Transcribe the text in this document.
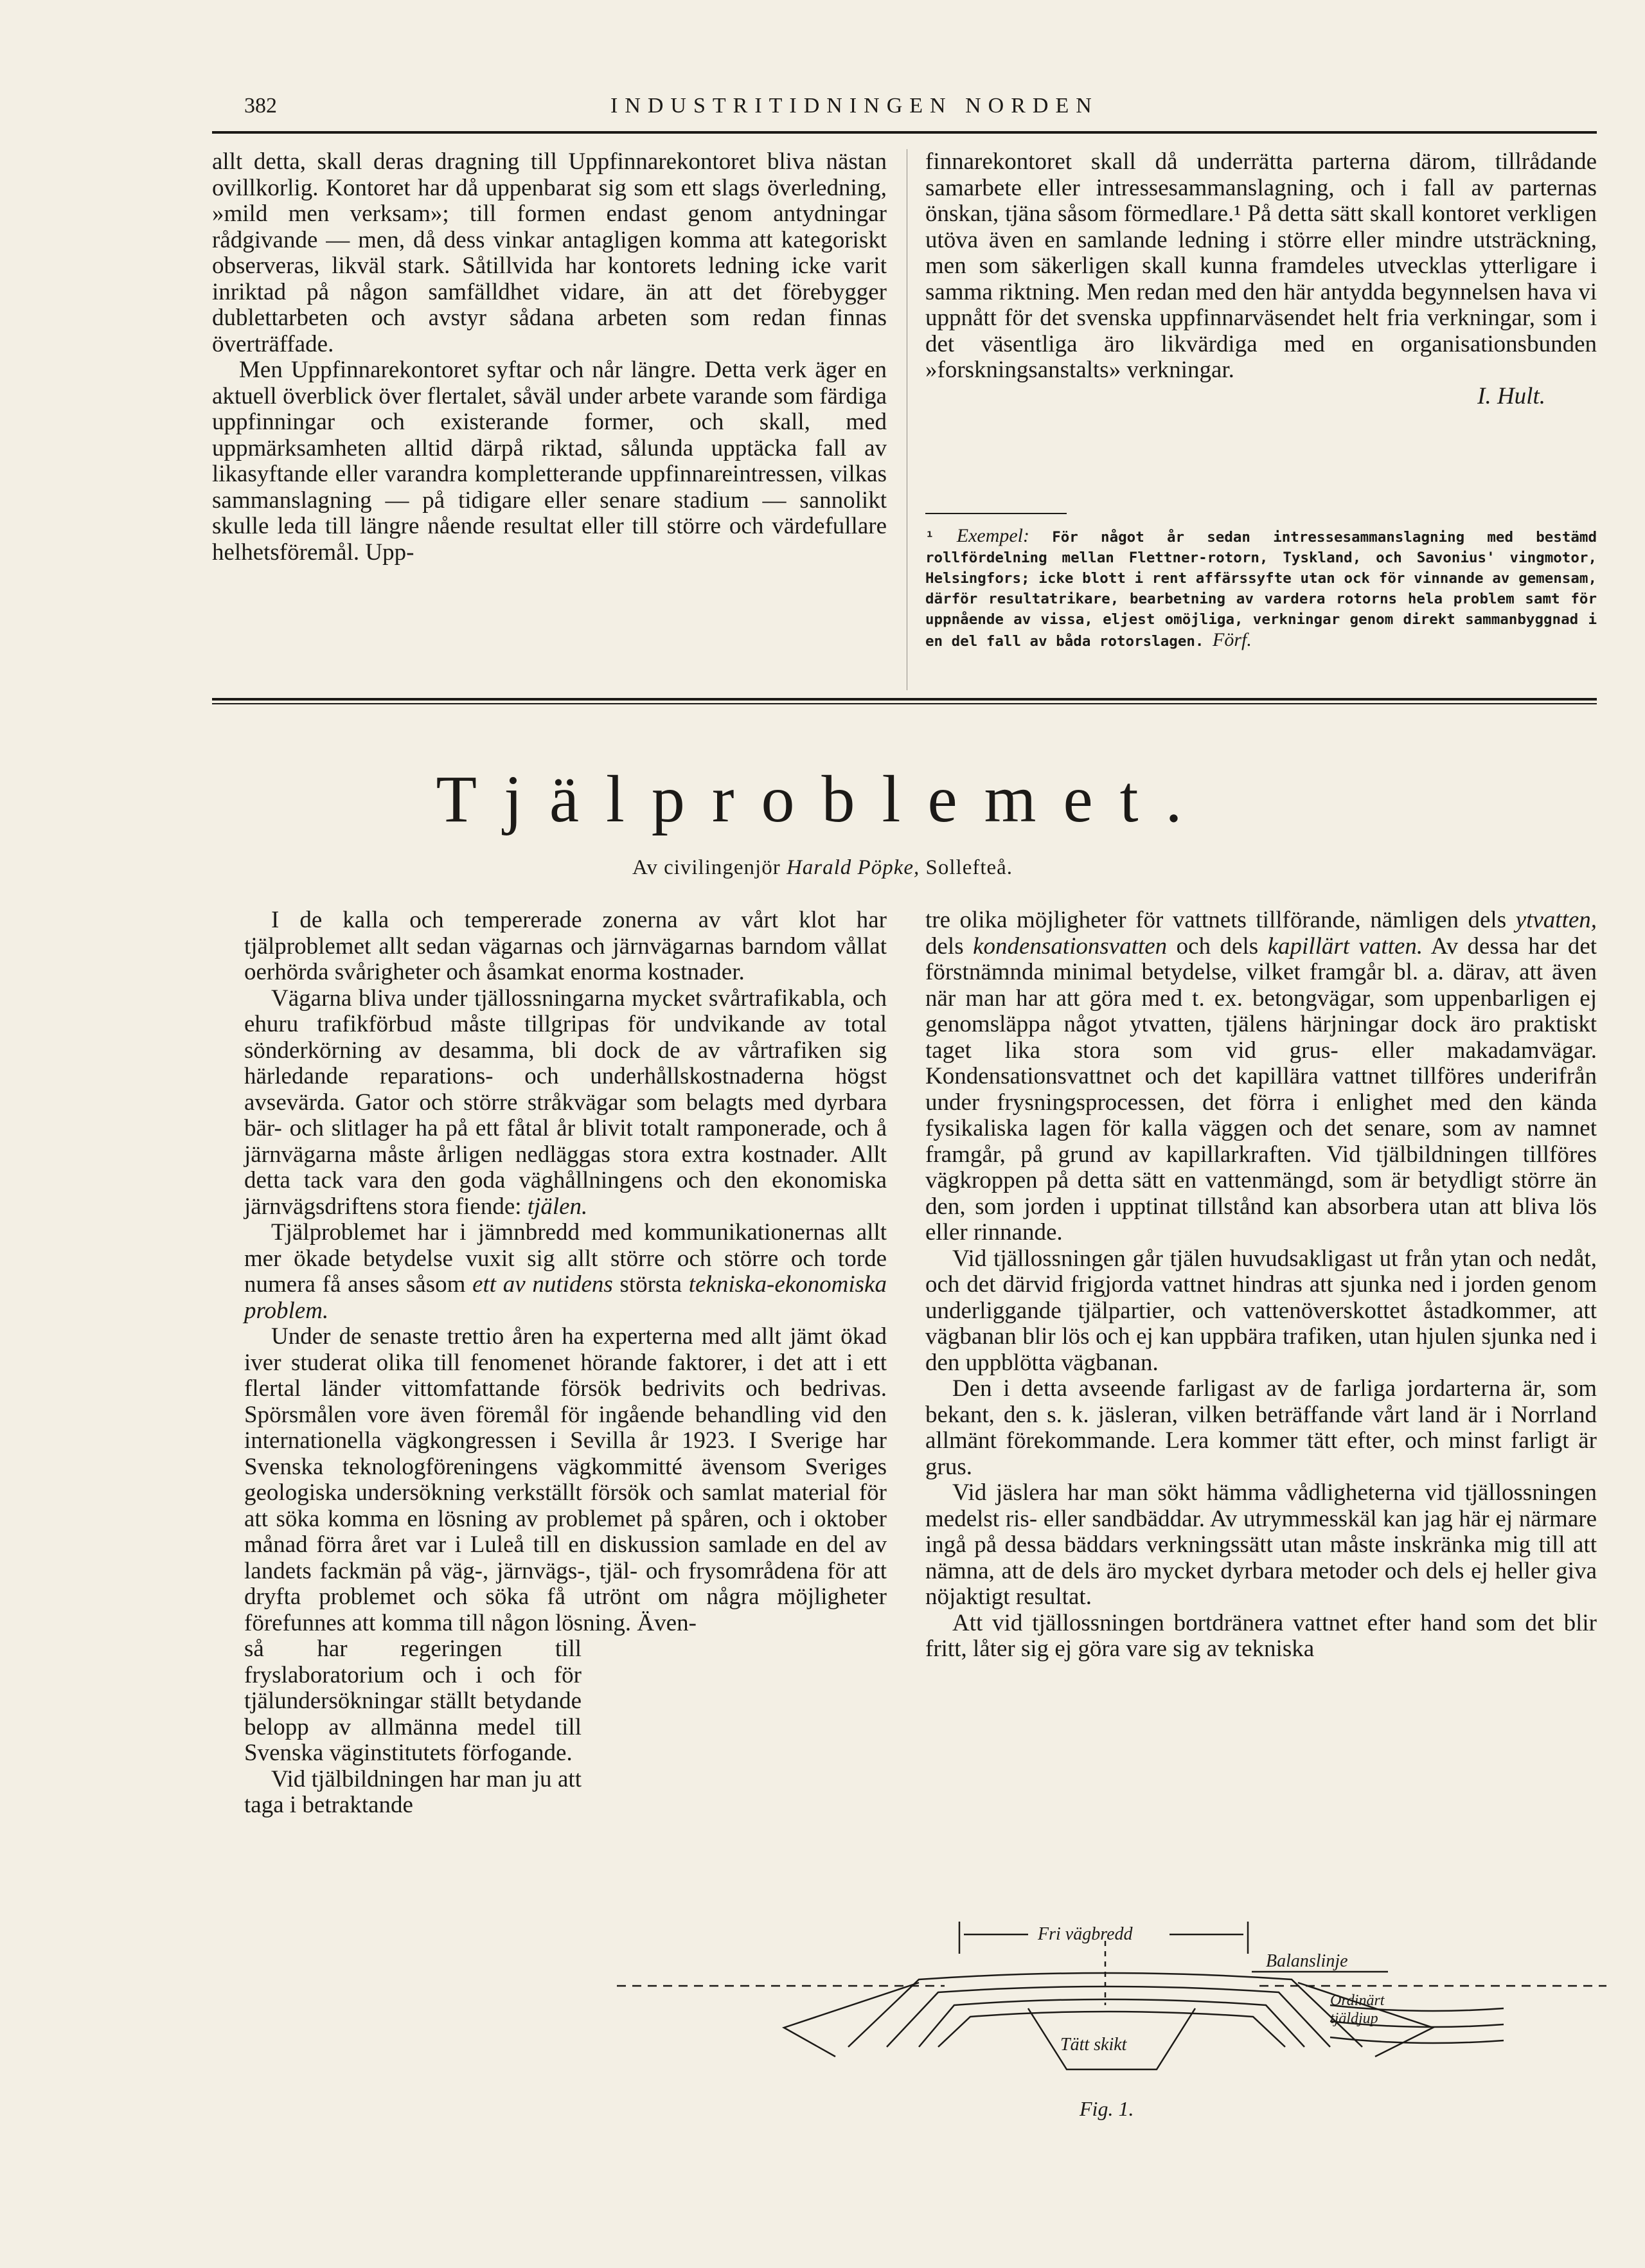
382	INDUSTRITIDNINGEN NORDEN

allt detta, skall deras dragning till Uppfinnarekontoret bliva nästan ovillkorlig. Kontoret har då uppenbarat sig som ett slags överledning, »mild men verksam»; till formen endast genom antydningar rådgivande — men, då dess vinkar antagligen komma att kategoriskt observeras, likväl stark. Såtillvida har kontorets ledning icke varit inriktad på någon samfälldhet vidare, än att det förebygger dublettarbeten och avstyr sådana arbeten som redan finnas överträffade.

Men Uppfinnarekontoret syftar och når längre. Detta verk äger en aktuell överblick över flertalet, såväl under arbete varande som färdiga uppfinningar och existerande former, och skall, med uppmärksamheten alltid därpå riktad, sålunda upptäcka fall av likasyftande eller varandra kompletterande uppfinnareintressen, vilkas sammanslagning — på tidigare eller senare stadium — sannolikt skulle leda till längre nående resultat eller till större och värdefullare helhetsföremål. Upp-

finnarekontoret skall då underrätta parterna därom, tillrådande samarbete eller intressesammanslagning, och i fall av parternas önskan, tjäna såsom förmedlare.¹ På detta sätt skall kontoret verkligen utöva även en samlande ledning i större eller mindre utsträckning, men som säkerligen skall kunna framdeles utvecklas ytterligare i samma riktning. Men redan med den här antydda begynnelsen hava vi uppnått för det svenska uppfinnarväsendet helt fria verkningar, som i det väsentliga äro likvärdiga med en organisationsbunden »forskningsanstalts» verkningar.

I. Hult.

¹ Exempel: För något år sedan intressesammanslagning med bestämd rollfördelning mellan Flettner-rotorn, Tyskland, och Savonius' vingmotor, Helsingfors; icke blott i rent affärssyfte utan ock för vinnande av gemensam, därför resultatrikare, bearbetning av vardera rotorns hela problem samt för uppnående av vissa, eljest omöjliga, verkningar genom direkt sammanbyggnad i en del fall av båda rotorslagen. Förf.
Tjälproblemet.
Av civilingenjör Harald Pöpke, Sollefteå.

I de kalla och tempererade zonerna av vårt klot har tjälproblemet allt sedan vägarnas och järnvägarnas barndom vållat oerhörda svårigheter och åsamkat enorma kostnader.

Vägarna bliva under tjällossningarna mycket svårtrafikabla, och ehuru trafikförbud måste tillgripas för undvikande av total sönderkörning av desamma, bli dock de av vårtrafiken sig härledande reparations- och underhållskostnaderna högst avsevärda. Gator och större stråkvägar som belagts med dyrbara bär- och slitlager ha på ett fåtal år blivit totalt ramponerade, och å järnvägarna måste årligen nedläggas stora extra kostnader. Allt detta tack vara den goda väghållningens och den ekonomiska järnvägsdriftens stora fiende: tjälen.

Tjälproblemet har i jämnbredd med kommunikationernas allt mer ökade betydelse vuxit sig allt större och större och torde numera få anses såsom ett av nutidens största tekniska-ekonomiska problem.

Under de senaste trettio åren ha experterna med allt jämt ökad iver studerat olika till fenomenet hörande faktorer, i det att i ett flertal länder vittomfattande försök bedrivits och bedrivas. Spörsmålen vore även föremål för ingående behandling vid den internationella vägkongressen i Sevilla år 1923. I Sverige har Svenska teknologföreningens vägkommitté ävensom Sveriges geologiska undersökning verkställt försök och samlat material för att söka komma en lösning av problemet på spåren, och i oktober månad förra året var i Luleå till en diskussion samlade en del av landets fackmän på väg-, järnvägs-, tjäl- och frysområdena för att dryfta problemet och söka få utrönt om några möjligheter förefunnes att komma till någon lösning. Även-

så har regeringen till fryslaboratorium och i och för tjälundersökningar ställt betydande belopp av allmänna medel till Svenska väginstitutets förfogande.

Vid tjälbildningen har man ju att taga i betraktande

tre olika möjligheter för vattnets tillförande, nämligen dels ytvatten, dels kondensationsvatten och dels kapillärt vatten. Av dessa har det förstnämnda minimal betydelse, vilket framgår bl. a. därav, att även när man har att göra med t. ex. betongvägar, som uppenbarligen ej genomsläppa något ytvatten, tjälens härjningar dock äro praktiskt taget lika stora som vid grus- eller makadamvägar. Kondensationsvattnet och det kapillära vattnet tillföres underifrån under frysningsprocessen, det förra i enlighet med den kända fysikaliska lagen för kalla väggen och det senare, som av namnet framgår, på grund av kapillarkraften. Vid tjälbildningen tillföres vägkroppen på detta sätt en vattenmängd, som är betydligt större än den, som jorden i upptinat tillstånd kan absorbera utan att bliva lös eller rinnande.

Vid tjällossningen går tjälen huvudsakligast ut från ytan och nedåt, och det därvid frigjorda vattnet hindras att sjunka ned i jorden genom underliggande tjälpartier, och vattenöverskottet åstadkommer, att vägbanan blir lös och ej kan uppbära trafiken, utan hjulen sjunka ned i den uppblötta vägbanan.

Den i detta avseende farligast av de farliga jordarterna är, som bekant, den s. k. jäsleran, vilken beträffande vårt land är i Norrland allmänt förekommande. Lera kommer tätt efter, och minst farligt är grus.

Vid jäslera har man sökt hämma vådligheterna vid tjällossningen medelst ris- eller sandbäddar. Av utrymmesskäl kan jag här ej närmare ingå på dessa bäddars verkningssätt utan måste inskränka mig till att nämna, att de dels äro mycket dyrbara metoder och dels ej heller giva nöjaktigt resultat.

Att vid tjällossningen bortdränera vattnet efter hand som det blir fritt, låter sig ej göra vare sig av tekniska

Fri vägbredd
Balanslinje
Tätt skikt
Ordinärt
tjäldjup
Fig. 1.
